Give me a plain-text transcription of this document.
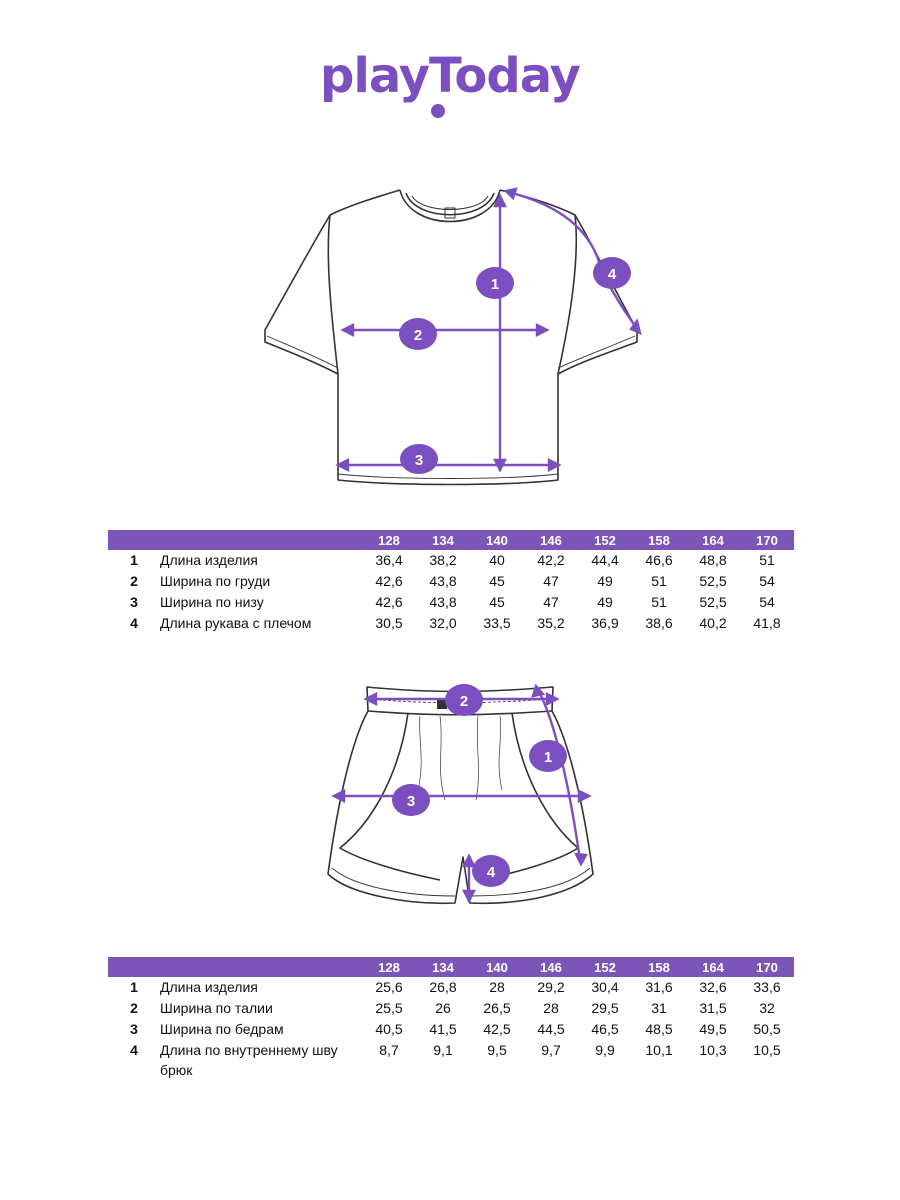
playToday
1
2
3
4
		128	134	140	146	152	158	164	170
1	Длина изделия	36,4	38,2	40	42,2	44,4	46,6	48,8	51
2	Ширина по груди	42,6	43,8	45	47	49	51	52,5	54
3	Ширина по низу	42,6	43,8	45	47	49	51	52,5	54
4	Длина рукава с плечом	30,5	32,0	33,5	35,2	36,9	38,6	40,2	41,8
2
1
3
4
		128	134	140	146	152	158	164	170
1	Длина изделия	25,6	26,8	28	29,2	30,4	31,6	32,6	33,6
2	Ширина по талии	25,5	26	26,5	28	29,5	31	31,5	32
3	Ширина по бедрам	40,5	41,5	42,5	44,5	46,5	48,5	49,5	50,5
4	Длина по внутреннему шву брюк	8,7	9,1	9,5	9,7	9,9	10,1	10,3	10,5
